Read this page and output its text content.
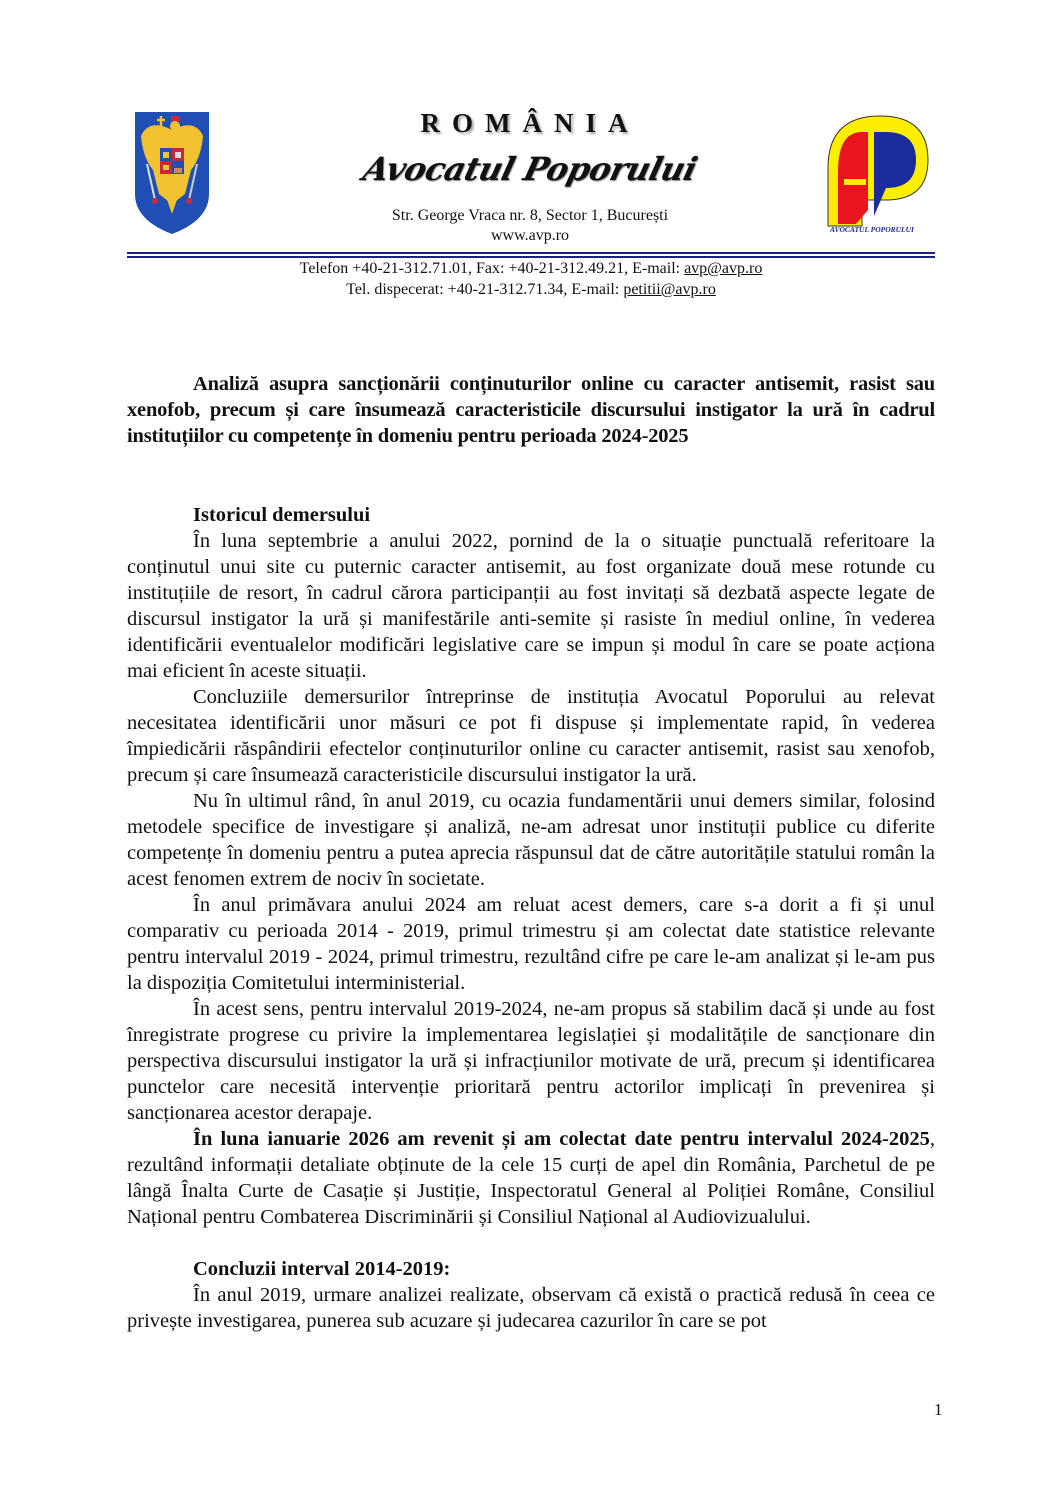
ROMÂNIA
Avocatul Poporului
Str. George Vraca nr. 8, Sector 1, București
www.avp.ro	AVOCATUL POPORULUI
Telefon +40-21-312.71.01, Fax: +40-21-312.49.21, E-mail: avp@avp.ro
Tel. dispecerat: +40-21-312.71.34, E-mail: petitii@avp.ro

Analiză asupra sancționării conținuturilor online cu caracter antisemit, rasist sau xenofob, precum și care însumează caracteristicile discursului instigator la ură în cadrul instituțiilor cu competențe în domeniu pentru perioada 2024-2025

Istoricul demersului

În luna septembrie a anului 2022, pornind de la o situație punctuală referitoare la conținutul unui site cu puternic caracter antisemit, au fost organizate două mese rotunde cu instituțiile de resort, în cadrul cărora participanții au fost invitați să dezbată aspecte legate de discursul instigator la ură și manifestările anti-semite și rasiste în mediul online, în vederea identificării eventualelor modificări legislative care se impun și modul în care se poate acționa mai eficient în aceste situații.

Concluziile demersurilor întreprinse de instituția Avocatul Poporului au relevat necesitatea identificării unor măsuri ce pot fi dispuse și implementate rapid, în vederea împiedicării răspândirii efectelor conținuturilor online cu caracter antisemit, rasist sau xenofob, precum și care însumează caracteristicile discursului instigator la ură.

Nu în ultimul rând, în anul 2019, cu ocazia fundamentării unui demers similar, folosind metodele specifice de investigare și analiză, ne-am adresat unor instituții publice cu diferite competențe în domeniu pentru a putea aprecia răspunsul dat de către autoritățile statului român la acest fenomen extrem de nociv în societate.

În anul primăvara anului 2024 am reluat acest demers, care s-a dorit a fi și unul comparativ cu perioada 2014 - 2019, primul trimestru și am colectat date statistice relevante pentru intervalul 2019 - 2024, primul trimestru, rezultând cifre pe care le-am analizat și le-am pus la dispoziția Comitetului interministerial.

În acest sens, pentru intervalul 2019-2024, ne-am propus să stabilim dacă și unde au fost înregistrate progrese cu privire la implementarea legislației și modalitățile de sancționare din perspectiva discursului instigator la ură și infracțiunilor motivate de ură, precum și identificarea punctelor care necesită intervenție prioritară pentru actorilor implicați în prevenirea și sancționarea acestor derapaje.

În luna ianuarie 2026 am revenit și am colectat date pentru intervalul 2024-2025, rezultând informații detaliate obținute de la cele 15 curți de apel din România, Parchetul de pe lângă Înalta Curte de Casație și Justiție, Inspectoratul General al Poliției Române, Consiliul Național pentru Combaterea Discriminării și Consiliul Național al Audiovizualului.

Concluzii interval 2014-2019:

În anul 2019, urmare analizei realizate, observam că există o practică redusă în ceea ce privește investigarea, punerea sub acuzare și judecarea cazurilor în care se pot

1
